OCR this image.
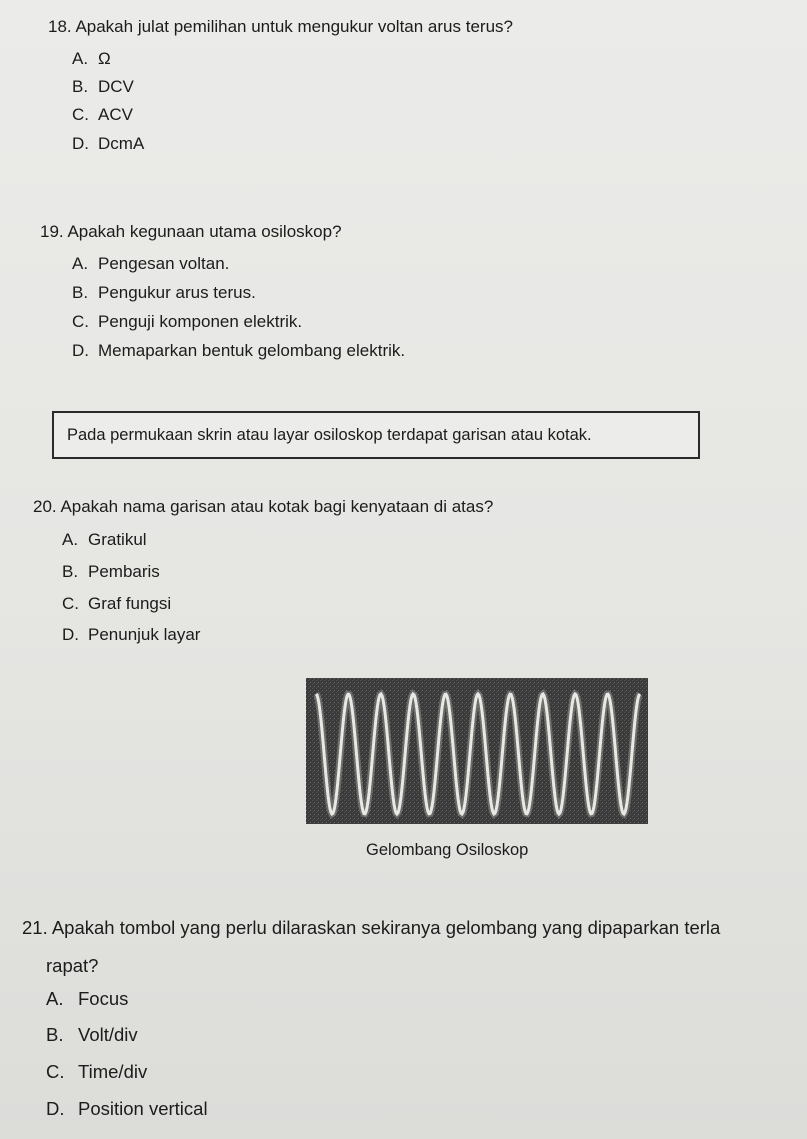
18. Apakah julat pemilihan untuk mengukur voltan arus terus?
A. Ω
B. DCV
C. ACV
D. DcmA
19. Apakah kegunaan utama osiloskop?
A. Pengesan voltan.
B. Pengukur arus terus.
C. Penguji komponen elektrik.
D. Memaparkan bentuk gelombang elektrik.
Pada permukaan skrin atau layar osiloskop terdapat garisan atau kotak.
20. Apakah nama garisan atau kotak bagi kenyataan di atas?
A. Gratikul
B. Pembaris
C. Graf fungsi
D. Penunjuk layar
Gelombang Osiloskop
21. Apakah tombol yang perlu dilaraskan sekiranya gelombang yang dipaparkan terla
rapat?
A. Focus
B. Volt/div
C. Time/div
D. Position vertical
